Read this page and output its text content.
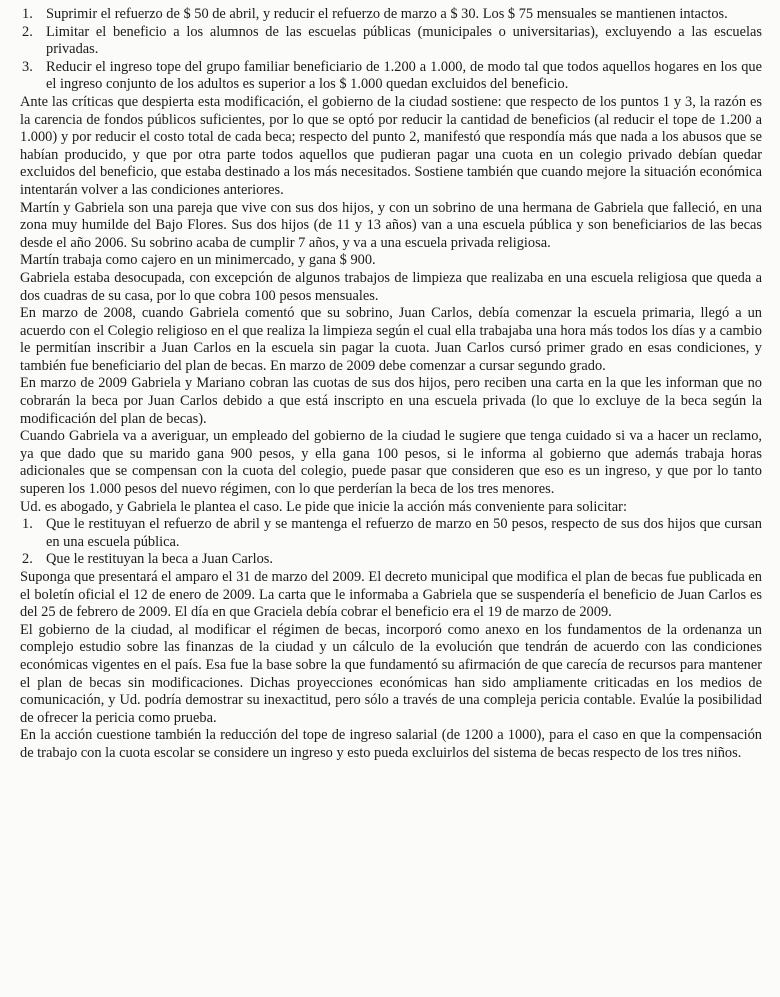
1. Suprimir el refuerzo de $ 50 de abril, y reducir el refuerzo de marzo a $ 30. Los $ 75 mensuales se mantienen intactos.
2. Limitar el beneficio a los alumnos de las escuelas públicas (municipales o universitarias), excluyendo a las escuelas privadas.
3. Reducir el ingreso tope del grupo familiar beneficiario de 1.200 a 1.000, de modo tal que todos aquellos hogares en los que el ingreso conjunto de los adultos es superior a los $ 1.000 quedan excluidos del beneficio.

Ante las críticas que despierta esta modificación, el gobierno de la ciudad sostiene: que respecto de los puntos 1 y 3, la razón es la carencia de fondos públicos suficientes, por lo que se optó por reducir la cantidad de beneficios (al reducir el tope de 1.200 a 1.000) y por reducir el costo total de cada beca; respecto del punto 2, manifestó que respondía más que nada a los abusos que se habían producido, y que por otra parte todos aquellos que pudieran pagar una cuota en un colegio privado debían quedar excluidos del beneficio, que estaba destinado a los más necesitados. Sostiene también que cuando mejore la situación económica intentarán volver a las condiciones anteriores.

Martín y Gabriela son una pareja que vive con sus dos hijos, y con un sobrino de una hermana de Gabriela que falleció, en una zona muy humilde del Bajo Flores. Sus dos hijos (de 11 y 13 años) van a una escuela pública y son beneficiarios de las becas desde el año 2006. Su sobrino acaba de cumplir 7 años, y va a una escuela privada religiosa.

Martín trabaja como cajero en un minimercado, y gana $ 900.

Gabriela estaba desocupada, con excepción de algunos trabajos de limpieza que realizaba en una escuela religiosa que queda a dos cuadras de su casa, por lo que cobra 100 pesos mensuales.

En marzo de 2008, cuando Gabriela comentó que su sobrino, Juan Carlos, debía comenzar la escuela primaria, llegó a un acuerdo con el Colegio religioso en el que realiza la limpieza según el cual ella trabajaba una hora más todos los días y a cambio le permitían inscribir a Juan Carlos en la escuela sin pagar la cuota. Juan Carlos cursó primer grado en esas condiciones, y también fue beneficiario del plan de becas. En marzo de 2009 debe comenzar a cursar segundo grado.

En marzo de 2009 Gabriela y Mariano cobran las cuotas de sus dos hijos, pero reciben una carta en la que les informan que no cobrarán la beca por Juan Carlos debido a que está inscripto en una escuela privada (lo que lo excluye de la beca según la modificación del plan de becas).

Cuando Gabriela va a averiguar, un empleado del gobierno de la ciudad le sugiere que tenga cuidado si va a hacer un reclamo, ya que dado que su marido gana 900 pesos, y ella gana 100 pesos, si le informa al gobierno que además trabaja horas adicionales que se compensan con la cuota del colegio, puede pasar que consideren que eso es un ingreso, y que por lo tanto superen los 1.000 pesos del nuevo régimen, con lo que perderían la beca de los tres menores.

Ud. es abogado, y Gabriela le plantea el caso. Le pide que inicie la acción más conveniente para solicitar:

1. Que le restituyan el refuerzo de abril y se mantenga el refuerzo de marzo en 50 pesos, respecto de sus dos hijos que cursan en una escuela pública.
2. Que le restituyan la beca a Juan Carlos.

Suponga que presentará el amparo el 31 de marzo del 2009. El decreto municipal que modifica el plan de becas fue publicada en el boletín oficial el 12 de enero de 2009. La carta que le informaba a Gabriela que se suspendería el beneficio de Juan Carlos es del 25 de febrero de 2009. El día en que Graciela debía cobrar el beneficio era el 19 de marzo de 2009.

El gobierno de la ciudad, al modificar el régimen de becas, incorporó como anexo en los fundamentos de la ordenanza un complejo estudio sobre las finanzas de la ciudad y un cálculo de la evolución que tendrán de acuerdo con las condiciones económicas vigentes en el país. Esa fue la base sobre la que fundamentó su afirmación de que carecía de recursos para mantener el plan de becas sin modificaciones. Dichas proyecciones económicas han sido ampliamente criticadas en los medios de comunicación, y Ud. podría demostrar su inexactitud, pero sólo a través de una compleja pericia contable. Evalúe la posibilidad de ofrecer la pericia como prueba.

En la acción cuestione también la reducción del tope de ingreso salarial (de 1200 a 1000), para el caso en que la compensación de trabajo con la cuota escolar se considere un ingreso y esto pueda excluirlos del sistema de becas respecto de los tres niños.
